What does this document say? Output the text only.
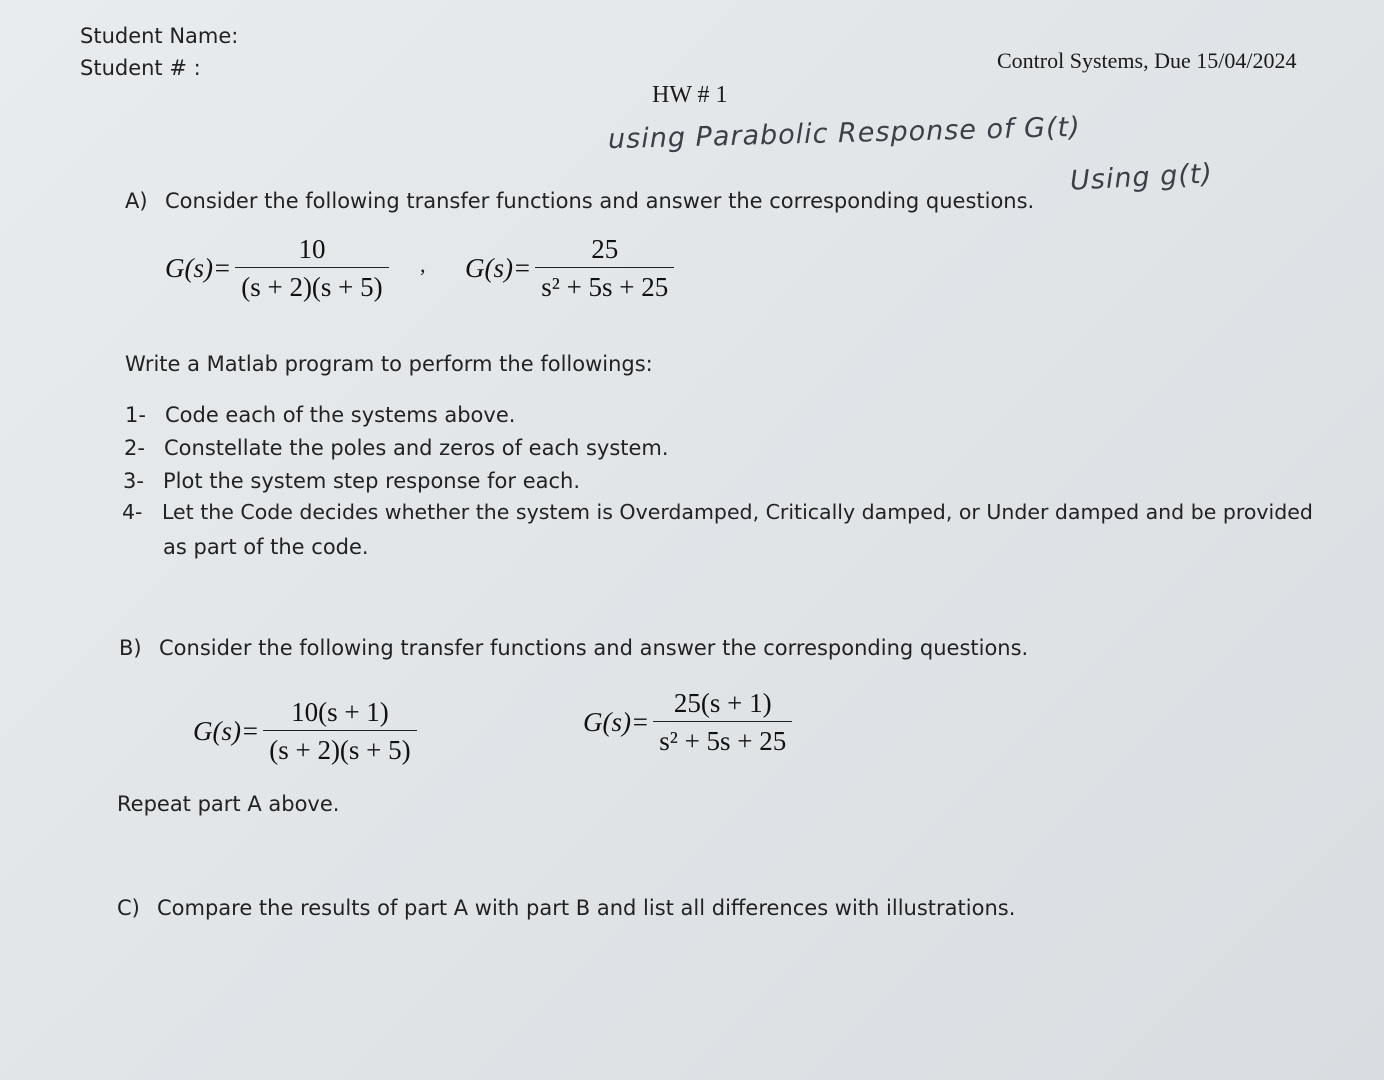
Student Name:
Student # :	Control Systems, Due 15/04/2024
HW # 1
using Parabolic Response of G(t)
Using g(t)
A) Consider the following transfer functions and answer the corresponding questions.
$G(s)= \frac{10}{(s + 2)(s + 5)}$ , $G(s)= \frac{25}{\text{s² + 5s + 25}}$
Write a Matlab program to perform the followings:
1- Code each of the systems above.
2- Constellate the poles and zeros of each system.
3- Plot the system step response for each.
4- Let the Code decides whether the system is Overdamped, Critically damped, or Under damped and be provided
as part of the code.
B) Consider the following transfer functions and answer the corresponding questions.
$G(s)= \frac{10(s + 1)}{(s + 2)(s + 5)}$	$G(s)= \frac{25(s + 1)}{\text{s² + 5s + 25}}$
Repeat part A above.
C) Compare the results of part A with part B and list all differences with illustrations.
